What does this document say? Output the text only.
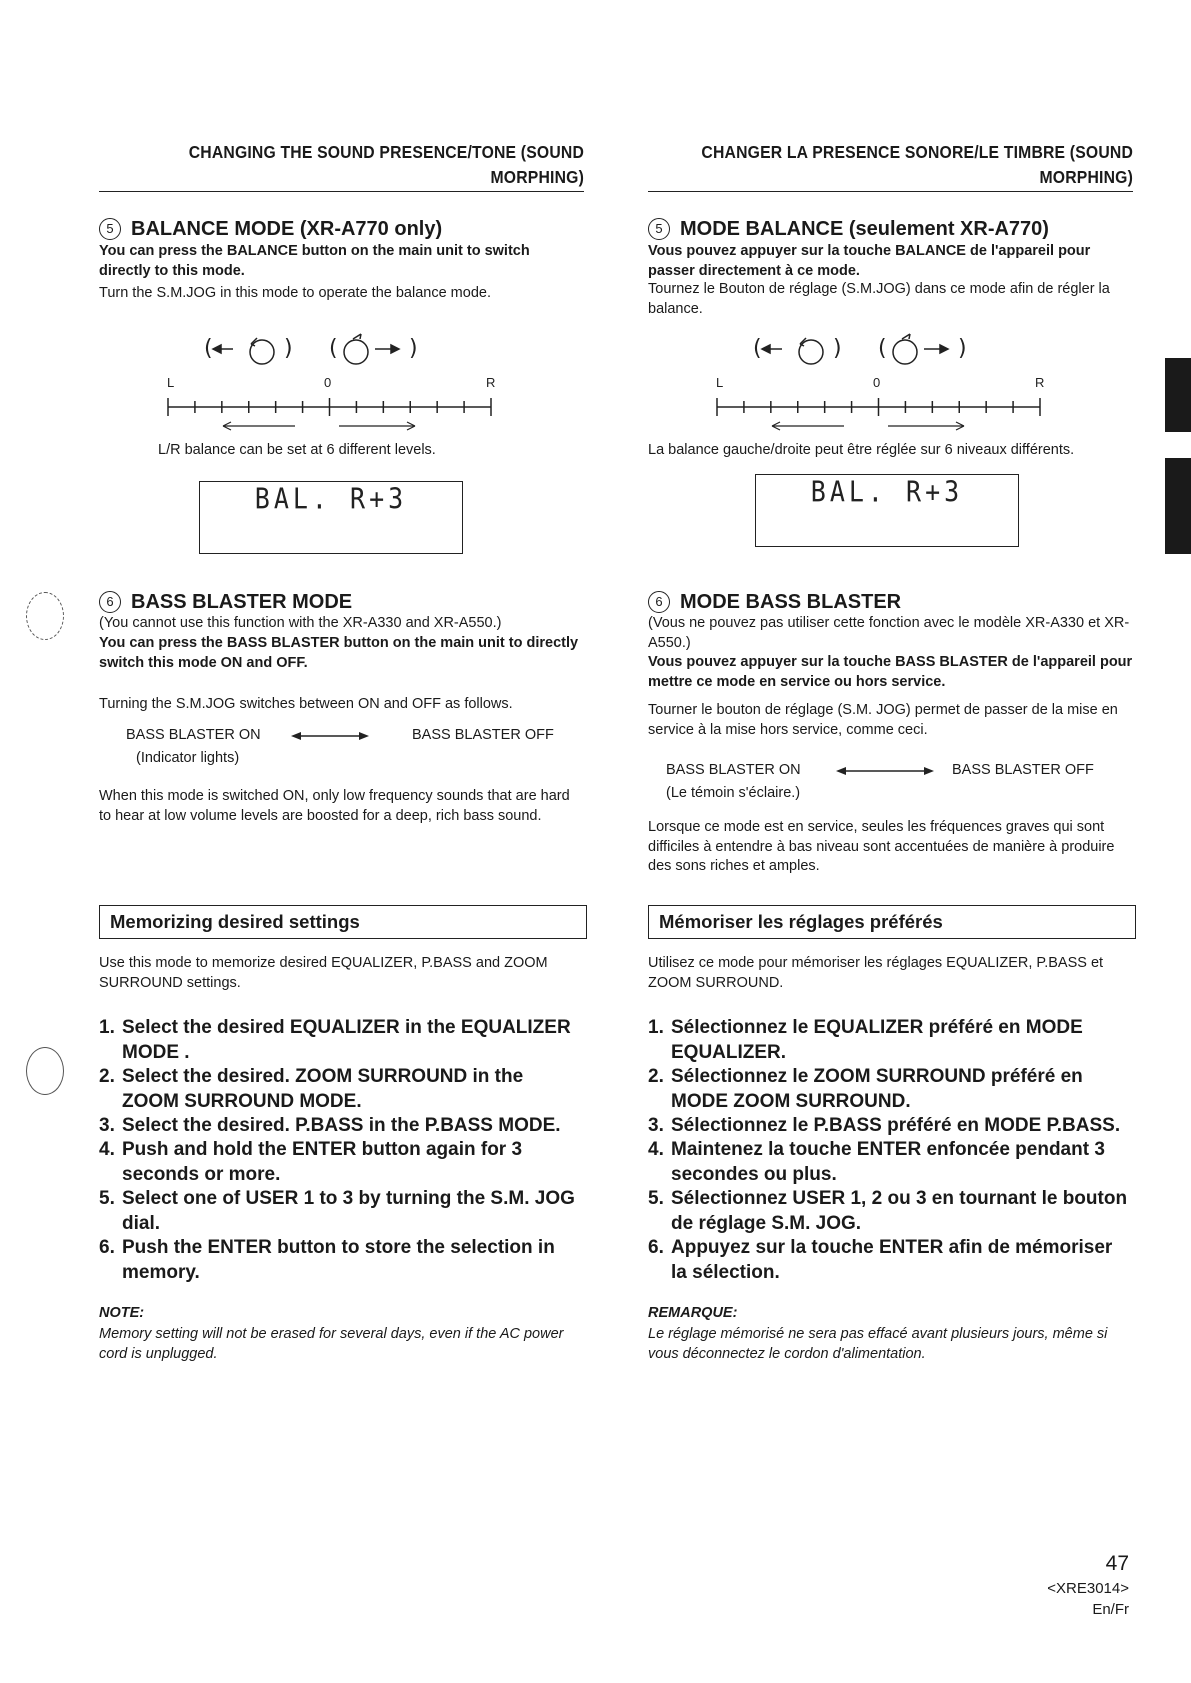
CHANGING THE SOUND PRESENCE/TONE (SOUND MORPHING)
5 BALANCE MODE (XR-A770 only)
You can press the BALANCE button on the main unit to switch directly to this mode.
Turn the S.M.JOG in this mode to operate the balance mode.
(	) (	)
L	0	R
L/R balance can be set at 6 different levels.
BAL. R+3
6 BASS BLASTER MODE
(You cannot use this function with the XR-A330 and XR-A550.)
You can press the BASS BLASTER button on the main unit to directly switch this mode ON and OFF.
Turning the S.M.JOG switches between ON and OFF as follows.
BASS BLASTER ON	BASS BLASTER OFF
(Indicator lights)
When this mode is switched ON, only low frequency sounds that are hard to hear at low volume levels are boosted for a deep, rich bass sound.
Memorizing desired settings
Use this mode to memorize desired EQUALIZER, P.BASS and ZOOM SURROUND settings.
1. Select the desired EQUALIZER in the EQUALIZER MODE .
2. Select the desired. ZOOM SURROUND in the ZOOM SURROUND MODE.
3. Select the desired. P.BASS in the P.BASS MODE.
4. Push and hold the ENTER button again for 3 seconds or more.
5. Select one of USER 1 to 3 by turning the S.M. JOG dial.
6. Push the ENTER button to store the selection in memory.
NOTE:
Memory setting will not be erased for several days, even if the AC power cord is unplugged.
CHANGER LA PRESENCE SONORE/LE TIMBRE (SOUND MORPHING)
5 MODE BALANCE (seulement XR-A770)
Vous pouvez appuyer sur la touche BALANCE de l'appareil pour passer directement à ce mode.
Tournez le Bouton de réglage (S.M.JOG) dans ce mode afin de régler la balance.
(	) (	)
L	0	R
La balance gauche/droite peut être réglée sur 6 niveaux différents.
BAL. R+3
6 MODE BASS BLASTER
(Vous ne pouvez pas utiliser cette fonction avec le modèle XR-A330 et XR-A550.)
Vous pouvez appuyer sur la touche BASS BLASTER de l'appareil pour mettre ce mode en service ou hors service.
Tourner le bouton de réglage (S.M. JOG) permet de passer de la mise en service à la mise hors service, comme ceci.
BASS BLASTER ON	BASS BLASTER OFF
(Le témoin s'éclaire.)
Lorsque ce mode est en service, seules les fréquences graves qui sont difficiles à entendre à bas niveau sont accentuées de manière à produire des sons riches et amples.
Mémoriser les réglages préférés
Utilisez ce mode pour mémoriser les réglages EQUALIZER, P.BASS et ZOOM SURROUND.
1. Sélectionnez le EQUALIZER préféré en MODE EQUALIZER.
2. Sélectionnez le ZOOM SURROUND préféré en MODE ZOOM SURROUND.
3. Sélectionnez le P.BASS préféré en MODE P.BASS.
4. Maintenez la touche ENTER enfoncée pendant 3 secondes ou plus.
5. Sélectionnez USER 1, 2 ou 3 en tournant le bouton de réglage S.M. JOG.
6. Appuyez sur la touche ENTER afin de mémoriser la sélection.
REMARQUE:
Le réglage mémorisé ne sera pas effacé avant plusieurs jours, même si vous déconnectez le cordon d'alimentation.
47
<XRE3014>
En/Fr
